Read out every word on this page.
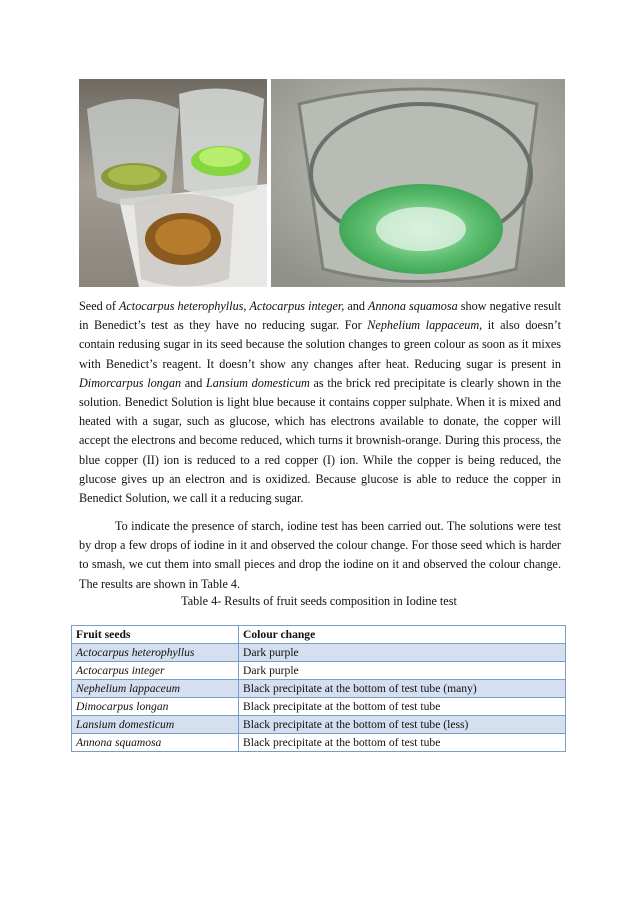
Seed of Actocarpus heterophyllus, Actocarpus integer, and Annona squamosa show negative result in Benedict’s test as they have no reducing sugar. For Nephelium lappaceum, it also doesn’t contain redusing sugar in its seed because the solution changes to green colour as soon as it mixes with Benedict’s reagent. It doesn’t show any changes after heat. Reducing sugar is present in Dimorcarpus longan and Lansium domesticum as the brick red precipitate is clearly shown in the solution. Benedict Solution is light blue because it contains copper sulphate. When it is mixed and heated with a sugar, such as glucose, which has electrons available to donate, the copper will accept the electrons and become reduced, which turns it brownish-orange. During this process, the blue copper (II) ion is reduced to a red copper (I) ion. While the copper is being reduced, the glucose gives up an electron and is oxidized. Because glucose is able to reduce the copper in Benedict Solution, we call it a reducing sugar.

To indicate the presence of starch, iodine test has been carried out. The solutions were test by drop a few drops of iodine in it and observed the colour change. For those seed which is harder to smash, we cut them into small pieces and drop the iodine on it and observed the colour change. The results are shown in Table 4.

Table 4- Results of fruit seeds composition in Iodine test

Fruit seeds	Colour change
Actocarpus heterophyllus	Dark purple
Actocarpus integer	Dark purple
Nephelium lappaceum	Black precipitate at the bottom of test tube (many)
Dimocarpus longan	Black precipitate at the bottom of test tube
Lansium domesticum	Black precipitate at the bottom of test tube (less)
Annona squamosa	Black precipitate at the bottom of test tube
